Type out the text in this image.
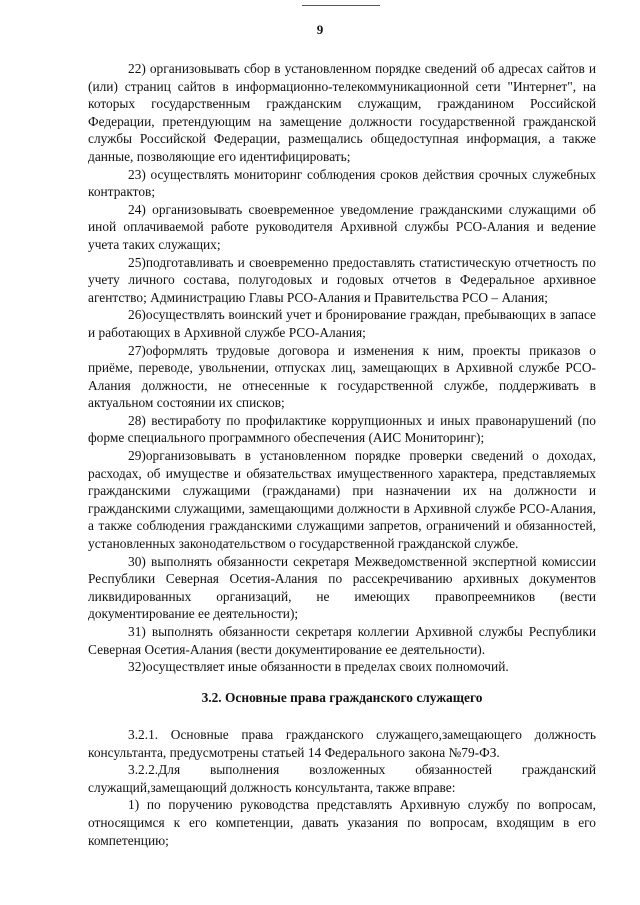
9

22) организовывать сбор в установленном порядке сведений об адресах сайтов и (или) страниц сайтов в информационно-телекоммуникационной сети "Интернет", на которых государственным гражданским служащим, гражданином Российской Федерации, претендующим на замещение должности государственной гражданской службы Российской Федерации, размещались общедоступная информация, а также данные, позволяющие его идентифицировать;

23) осуществлять мониторинг соблюдения сроков действия срочных служебных контрактов;

24) организовывать своевременное уведомление гражданскими служащими об иной оплачиваемой работе руководителя Архивной службы РСО-Алания и ведение учета таких служащих;

25)подготавливать и своевременно предоставлять статистическую отчетность по учету личного состава, полугодовых и годовых отчетов в Федеральное архивное агентство; Администрацию Главы РСО-Алания и Правительства РСО – Алания;

26)осуществлять воинский учет и бронирование граждан, пребывающих в запасе и работающих в Архивной службе РСО-Алания;

27)оформлять трудовые договора и изменения к ним, проекты приказов о приёме, переводе, увольнении, отпусках лиц, замещающих в Архивной службе РСО-Алания должности, не отнесенные к государственной службе, поддерживать в актуальном состоянии их списков;

28) вестиработу по профилактике коррупционных и иных правонарушений (по форме специального программного обеспечения (АИС Мониторинг);

29)организовывать в установленном порядке проверки сведений о доходах, расходах, об имуществе и обязательствах имущественного характера, представляемых гражданскими служащими (гражданами) при назначении их на должности и гражданскими служащими, замещающими должности в Архивной службе РСО-Алания, а также соблюдения гражданскими служащими запретов, ограничений и обязанностей, установленных законодательством о государственной гражданской службе.

30) выполнять обязанности секретаря Межведомственной экспертной комиссии Республики Северная Осетия-Алания по рассекречиванию архивных документов ликвидированных организаций, не имеющих правопреемников (вести документирование ее деятельности);

31) выполнять обязанности секретаря коллегии Архивной службы Республики Северная Осетия-Алания (вести документирование ее деятельности).

32)осуществляет иные обязанности в пределах своих полномочий.

3.2. Основные права гражданского служащего

3.2.1. Основные права гражданского служащего,замещающего должность консультанта, предусмотрены статьей 14 Федерального закона №79-ФЗ.

3.2.2.Для выполнения возложенных обязанностей гражданский служащий,замещающий должность консультанта, также вправе:

1) по поручению руководства представлять Архивную службу по вопросам, относящимся к его компетенции, давать указания по вопросам, входящим в его компетенцию;
